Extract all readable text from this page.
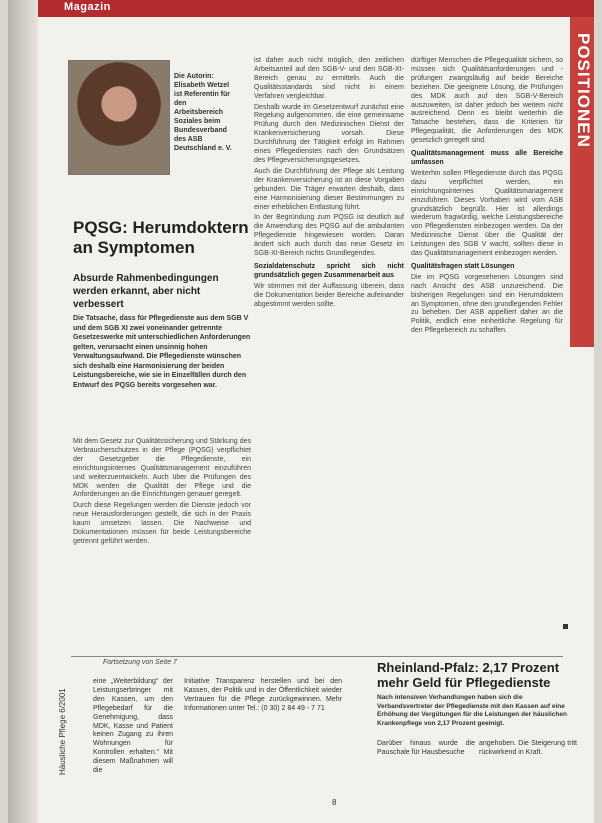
Magazin
POSITIONEN
Die Autorin: Elisabeth Wetzel ist Referentin für den Arbeitsbereich Soziales beim Bundesverband des ASB Deutschland e. V.
PQSG: Herumdoktern an Symptomen
Absurde Rahmenbedingungen werden erkannt, aber nicht verbessert
Die Tatsache, dass für Pflegedienste aus dem SGB V und dem SGB XI zwei voneinander getrennte Gesetzeswerke mit unterschiedlichen Anforderungen gelten, verursacht einen unsinnig hohen Verwaltungsaufwand. Die Pflegedienste wünschen sich deshalb eine Harmonisierung der beiden Leistungsbereiche, wie sie in Einzelfällen durch den Entwurf des PQSG bereits vorgesehen war.

Mit dem Gesetz zur Qualitätssicherung und Stärkung des Verbraucherschutzes in der Pflege (PQSG) verpflichtet der Gesetzgeber die Pflegedienste, ein einrichtungsinternes Qualitätsmanagement einzuführen und weiterzuentwickeln. Auch über die Prüfungen des MDK werden die Qualität der Pflege und die Anforderungen an die Einrichtungen genauer geregelt.

Durch diese Regelungen werden die Dienste jedoch vor neue Herausforderungen gestellt, die sich in der Praxis kaum umsetzen lassen. Die Nachweise und Dokumentationen müssen für beide Leistungsbereiche getrennt geführt werden.

ist daher auch nicht möglich, den zeitlichen Arbeitsanteil auf den SGB-V- und den SGB-XI-Bereich genau zu ermitteln. Auch die Qualitätsstandards sind nicht in einem Verfahren vergleichbar.

Deshalb wurde im Gesetzentwurf zunächst eine Regelung aufgenommen, die eine gemeinsame Prüfung durch den Medizinischen Dienst der Krankenversicherung vorsah. Diese Durchführung der Tätigkeit erfolgt im Rahmen eines Pflegedienstes nach den Grundsätzen des Pflegeversicherungsgesetzes.

Auch die Durchführung der Pflege als Leistung der Krankenversicherung ist an diese Vorgaben gebunden. Die Träger erwarten deshalb, dass eine Harmonisierung dieser Bestimmungen zu einer erheblichen Entlastung führt.

In der Begründung zum PQSG ist deutlich auf die Anwendung des PQSG auf die ambulanten Pflegedienste hingewiesen worden. Daran ändert sich auch durch das neue Gesetz im SGB-XI-Bereich nichts Grundlegendes.

Sozialdatenschutz spricht sich nicht grundsätzlich gegen Zusammenarbeit aus

Wir stimmen mit der Auffassung überein, dass die Dokumentation beider Bereiche aufeinander abgestimmt werden sollte.

dürftiger Menschen die Pflegequalität sichern, so müssen sich Qualitätsanforderungen und -prüfungen zwangsläufig auf beide Bereiche beziehen. Die geeignete Lösung, die Prüfungen des MDK auch auf den SGB-V-Bereich auszuweiten, ist daher jedoch bei weitem nicht ausreichend. Denn es bleibt weiterhin die Tatsache bestehen, dass die Kriterien für Pflegequalität, die Anforderungen des MDK gesetzlich geregelt sind.

Qualitätsmanagement muss alle Bereiche umfassen

Weiterhin sollen Pflegedienste durch das PQSG dazu verpflichtet werden, ein einrichtungsinternes Qualitätsmanagement einzuführen. Dieses Vorhaben wird vom ASB grundsätzlich begrüßt. Hier ist allerdings wiederum fragwürdig, welche Leistungsbereiche von Pflegediensten einbezogen werden. Da der Medizinische Dienst über die Qualität der Leistungen des SGB V wacht, sollten diese in das Qualitätsmanagement einbezogen werden.

Qualitätsfragen statt Lösungen

Die im PQSG vorgesehenen Lösungen sind nach Ansicht des ASB unzureichend. Die bisherigen Regelungen sind ein Herumdoktern an Symptomen, ohne den grundlegenden Fehler zu beheben. Der ASB appelliert daher an die Politik, endlich eine einheitliche Regelung für den Pflegebereich zu schaffen.

Fortsetzung von Seite 7
eine „Weiterbildung“ der Leistungserbringer mit den Kassen, um den Pflegebedarf für die Genehmigung, dass MDK, Kasse und Patient keinen Zugang zu ihren Wohnungen für Kontrollen erhalten.“ Mit diesem Maßnahmen will die
Initiative Transparenz herstellen und bei den Kassen, der Politik und in der Öffentlichkeit wieder Vertrauen für die Pflege zurückgewinnen. Mehr Informationen unter Tel.: (0 30) 2 84 49 - 7 71
Rheinland-Pfalz: 2,17 Prozent mehr Geld für Pflegedienste
Nach intensiven Verhandlungen haben sich die Verbandsvertreter der Pflegedienste mit den Kassen auf eine Erhöhung der Vergütungen für die Leistungen der häuslichen Krankenpflege von 2,17 Prozent geeinigt.
Darüber hinaus wurde die Pauschale für Hausbesuche
angehoben. Die Steigerung tritt rückwirkend in Kraft.
Häusliche Pflege 6/2001
8
